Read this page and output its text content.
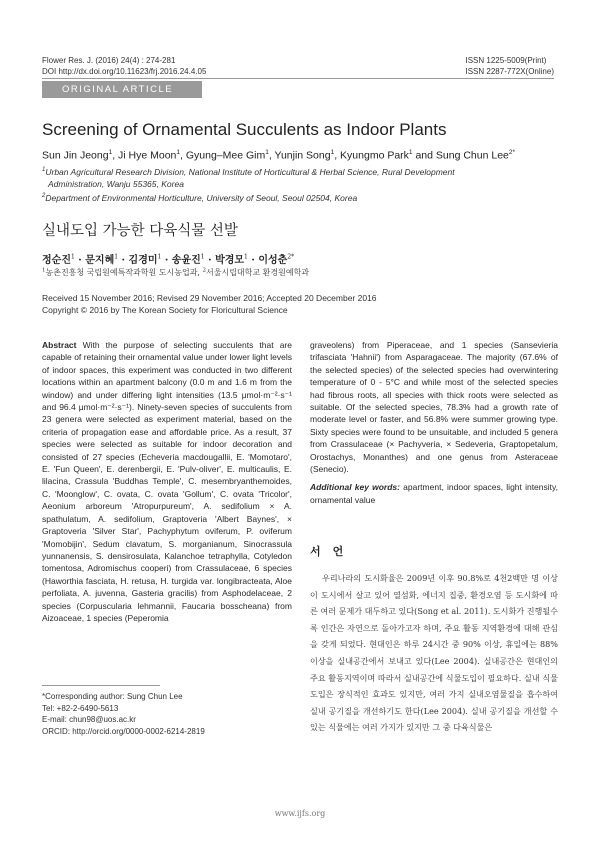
Flower Res. J. (2016) 24(4) : 274-281
DOI http://dx.doi.org/10.11623/frj.2016.24.4.05
ISSN 1225-5009(Print)
ISSN 2287-772X(Online)
ORIGINAL ARTICLE
Screening of Ornamental Succulents as Indoor Plants
Sun Jin Jeong$^1$, Ji Hye Moon$^1$, Gyung–Mee Gim$^1$, Yunjin Song$^1$, Kyungmo Park$^1$ and Sung Chun Lee$^{2*}$

$^1$Urban Agricultural Research Division, National Institute of Horticultural & Herbal Science, Rural Development

Administration, Wanju 55365, Korea

$^2$Department of Environmental Horticulture, University of Seoul, Seoul 02504, Korea

실내도입 가능한 다육식물 선발
정순진$^1$ · 문지혜$^1$ · 김경미$^1$ · 송윤진$^1$ · 박경모$^1$ · 이성춘$^{2*}$
$^1$농촌진흥청 국립원예특작과학원 도시농업과, $^2$서울시립대학교 환경원예학과
Received 15 November 2016; Revised 29 November 2016; Accepted 20 December 2016
Copyright © 2016 by The Korean Society for Floricultural Science

Abstract With the purpose of selecting succulents that are capable of retaining their ornamental value under lower light levels of indoor spaces, this experiment was conducted in two different locations within an apartment balcony (0.0 m and 1.6 m from the window) and under differing light intensities (13.5 μmol·m⁻²·s⁻¹ and 96.4 μmol·m⁻²·s⁻¹). Ninety-seven species of succulents from 23 genera were selected as experiment material, based on the criteria of propagation ease and affordable price. As a result, 37 species were selected as suitable for indoor decoration and consisted of 27 species (Echeveria macdougallii, E. 'Momotaro', E. 'Fun Queen', E. derenbergii, E. 'Pulv-oliver', E. multicaulis, E. lilacina, Crassula 'Buddhas Temple', C. mesembryanthemoides, C. 'Moonglow', C. ovata, C. ovata 'Gollum', C. ovata 'Tricolor', Aeonium arboreum 'Atropurpureum', A. sedifolium × A. spathulatum, A. sedifolium, Graptoveria 'Albert Baynes', × Graptoveria 'Silver Star', Pachyphytum oviferum, P. oviferum 'Momobijin', Sedum clavatum, S. morganianum, Sinocrassula yunnanensis, S. densirosulata, Kalanchoe tetraphylla, Cotyledon tomentosa, Adromischus cooperi) from Crassulaceae, 6 species (Haworthia fasciata, H. retusa, H. turgida var. longibracteata, Aloe perfoliata, A. juvenna, Gasteria gracilis) from Asphodelaceae, 2 species (Corpuscularia lehmannii, Faucaria bosscheana) from Aizoaceae, 1 species (Peperomia

graveolens) from Piperaceae, and 1 species (Sansevieria trifasciata 'Hahnii') from Asparagaceae. The majority (67.6% of the selected species) of the selected species had overwintering temperature of 0 - 5°C and while most of the selected species had fibrous roots, all species with thick roots were selected as suitable. Of the selected species, 78.3% had a growth rate of moderate level or faster, and 56.8% were summer growing type. Sixty species were found to be unsuitable, and included 5 genera from Crassulaceae (× Pachyveria, × Sedeveria, Graptopetalum, Orostachys, Monanthes) and one genus from Asteraceae (Senecio).

Additional key words: apartment, indoor spaces, light intensity, ornamental value

서언
우리나라의 도시화율은 2009년 이후 90.8%로 4천2백만 명 이상이 도시에서 살고 있어 열섬화, 에너지 집중, 환경오염 등 도시화에 따른 여러 문제가 대두하고 있다(Song et al. 2011). 도시화가 진행될수록 인간은 자연으로 돌아가고자 하며, 주요 활동 지역환경에 대해 관심을 갖게 되었다. 현대인은 하루 24시간 중 90% 이상, 휴일에는 88% 이상을 실내공간에서 보내고 있다(Lee 2004). 실내공간은 현대인의 주요 활동지역이며 따라서 실내공간에 식물도입이 필요하다. 실내 식물도입은 장식적인 효과도 있지만, 여러 가지 실내오염물질을 흡수하여 실내 공기질을 개선하기도 한다(Lee 2004). 실내 공기질을 개선할 수 있는 식물에는 여러 가지가 있지만 그 중 다육식물은
*Corresponding author: Sung Chun Lee
Tel: +82-2-6490-5613
E-mail: chun98@uos.ac.kr
ORCID: http://orcid.org/0000-0002-6214-2819
www.ijfs.org
